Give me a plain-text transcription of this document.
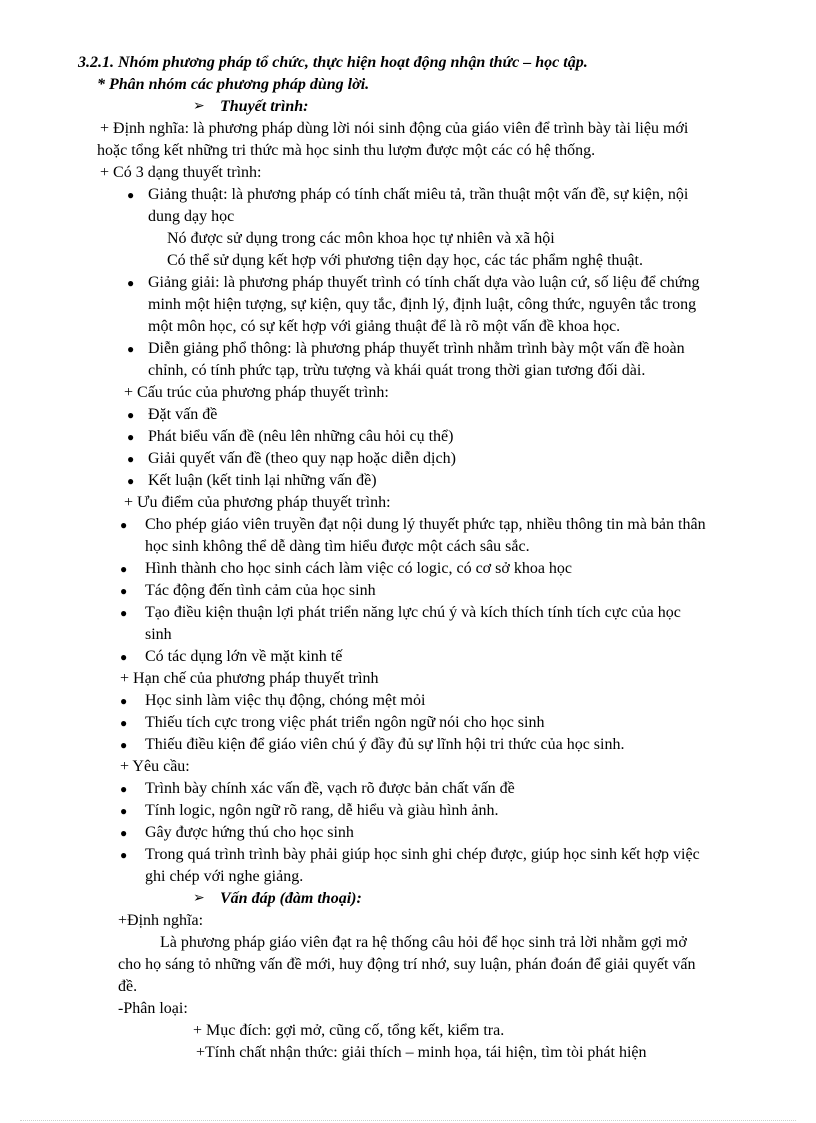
3.2.1. Nhóm phương pháp tổ chức, thực hiện hoạt động nhận thức – học tập.
* Phân nhóm các phương pháp dùng lời.
➢ Thuyết trình:
+ Định nghĩa: là phương pháp dùng lời nói sinh động của giáo viên để trình bày tài liệu mới
hoặc tổng kết những tri thức mà học sinh thu lượm được một các có hệ thống.
+ Có 3 dạng thuyết trình:
● Giảng thuật: là phương pháp có tính chất miêu tả, trần thuật một vấn đề, sự kiện, nội
dung dạy học
Nó được sử dụng trong các môn khoa học tự nhiên và xã hội
Có thể sử dụng kết hợp với phương tiện dạy học, các tác phẩm nghệ thuật.
● Giảng giải: là phương pháp thuyết trình có tính chất dựa vào luận cứ, số liệu để chứng
minh một hiện tượng, sự kiện, quy tắc, định lý, định luật, công thức, nguyên tắc trong
một môn học, có sự kết hợp với giảng thuật để là rõ một vấn đề khoa học.
● Diễn giảng phổ thông: là phương pháp thuyết trình nhằm trình bày một vấn đề hoàn
chỉnh, có tính phức tạp, trừu tượng và khái quát trong thời gian tương đối dài.
+ Cấu trúc của phương pháp thuyết trình:
● Đặt vấn đề
● Phát biểu vấn đề (nêu lên những câu hỏi cụ thể)
● Giải quyết vấn đề (theo quy nạp hoặc diễn dịch)
● Kết luận (kết tinh lại những vấn đề)
+ Ưu điểm của phương pháp thuyết trình:
● Cho phép giáo viên truyền đạt nội dung lý thuyết phức tạp, nhiều thông tin mà bản thân
học sinh không thể dễ dàng tìm hiểu được một cách sâu sắc.
● Hình thành cho học sinh cách làm việc có logic, có cơ sở khoa học
● Tác động đến tình cảm của học sinh
● Tạo điều kiện thuận lợi phát triển năng lực chú ý và kích thích tính tích cực của học
sinh
● Có tác dụng lớn về mặt kinh tế
+ Hạn chế của phương pháp thuyết trình
● Học sinh làm việc thụ động, chóng mệt mỏi
● Thiếu tích cực trong việc phát triển ngôn ngữ nói cho học sinh
● Thiếu điều kiện để giáo viên chú ý đầy đủ sự lĩnh hội tri thức của học sinh.
+ Yêu cầu:
● Trình bày chính xác vấn đề, vạch rõ được bản chất vấn đề
● Tính logic, ngôn ngữ rõ rang, dễ hiểu và giàu hình ảnh.
● Gây được hứng thú cho học sinh
● Trong quá trình trình bày phải giúp học sinh ghi chép được, giúp học sinh kết hợp việc
ghi chép với nghe giảng.
➢ Vấn đáp (đàm thoại):
+Định nghĩa:
Là phương pháp giáo viên đạt ra hệ thống câu hỏi để học sinh trả lời nhằm gợi mở
cho họ sáng tỏ những vấn đề mới, huy động trí nhớ, suy luận, phán đoán để giải quyết vấn
đề.
-Phân loại:
+ Mục đích: gợi mở, cũng cố, tổng kết, kiểm tra.
+Tính chất nhận thức: giải thích – minh họa, tái hiện, tìm tòi phát hiện
